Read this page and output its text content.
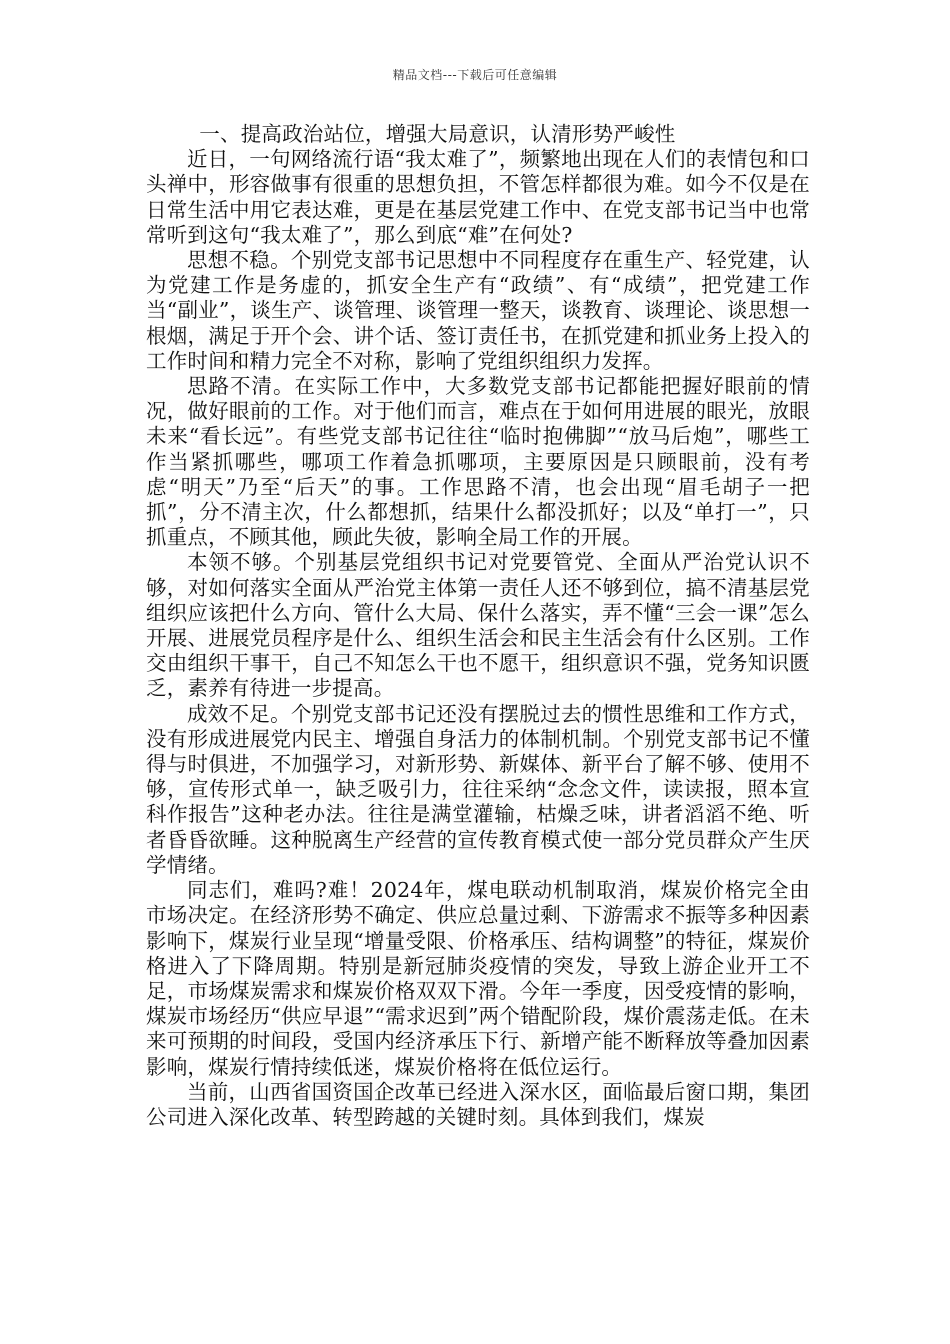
精品文档---下载后可任意编辑

一、提高政治站位，增强大局意识，认清形势严峻性

近日，一句网络流行语“我太难了”，频繁地出现在人们的表情包和口头禅中，形容做事有很重的思想负担，不管怎样都很为难。如今不仅是在日常生活中用它表达难，更是在基层党建工作中、在党支部书记当中也常常听到这句“我太难了”，那么到底“难”在何处?

思想不稳。个别党支部书记思想中不同程度存在重生产、轻党建，认为党建工作是务虚的，抓安全生产有“政绩”、有“成绩”，把党建工作当“副业”，谈生产、谈管理、谈管理一整天，谈教育、谈理论、谈思想一根烟，满足于开个会、讲个话、签订责任书，在抓党建和抓业务上投入的工作时间和精力完全不对称，影响了党组织组织力发挥。

思路不清。在实际工作中，大多数党支部书记都能把握好眼前的情况，做好眼前的工作。对于他们而言，难点在于如何用进展的眼光，放眼未来“看长远”。有些党支部书记往往“临时抱佛脚”“放马后炮”，哪些工作当紧抓哪些，哪项工作着急抓哪项，主要原因是只顾眼前，没有考虑“明天”乃至“后天”的事。工作思路不清，也会出现“眉毛胡子一把抓”，分不清主次，什么都想抓，结果什么都没抓好；以及“单打一”，只抓重点，不顾其他，顾此失彼，影响全局工作的开展。

本领不够。个别基层党组织书记对党要管党、全面从严治党认识不够，对如何落实全面从严治党主体第一责任人还不够到位，搞不清基层党组织应该把什么方向、管什么大局、保什么落实，弄不懂“三会一课”怎么开展、进展党员程序是什么、组织生活会和民主生活会有什么区别。工作交由组织干事干，自己不知怎么干也不愿干，组织意识不强，党务知识匮乏，素养有待进一步提高。

成效不足。个别党支部书记还没有摆脱过去的惯性思维和工作方式，没有形成进展党内民主、增强自身活力的体制机制。个别党支部书记不懂得与时俱进，不加强学习，对新形势、新媒体、新平台了解不够、使用不够，宣传形式单一，缺乏吸引力，往往采纳“念念文件，读读报，照本宣科作报告”这种老办法。往往是满堂灌输，枯燥乏味，讲者滔滔不绝、听者昏昏欲睡。这种脱离生产经营的宣传教育模式使一部分党员群众产生厌学情绪。

同志们，难吗?难！2024年，煤电联动机制取消，煤炭价格完全由市场决定。在经济形势不确定、供应总量过剩、下游需求不振等多种因素影响下，煤炭行业呈现“增量受限、价格承压、结构调整”的特征，煤炭价格进入了下降周期。特别是新冠肺炎疫情的突发，导致上游企业开工不足，市场煤炭需求和煤炭价格双双下滑。今年一季度，因受疫情的影响，煤炭市场经历“供应早退”“需求迟到”两个错配阶段，煤价震荡走低。在未来可预期的时间段，受国内经济承压下行、新增产能不断释放等叠加因素影响，煤炭行情持续低迷，煤炭价格将在低位运行。

当前，山西省国资国企改革已经进入深水区，面临最后窗口期，集团公司进入深化改革、转型跨越的关键时刻。具体到我们，煤炭
